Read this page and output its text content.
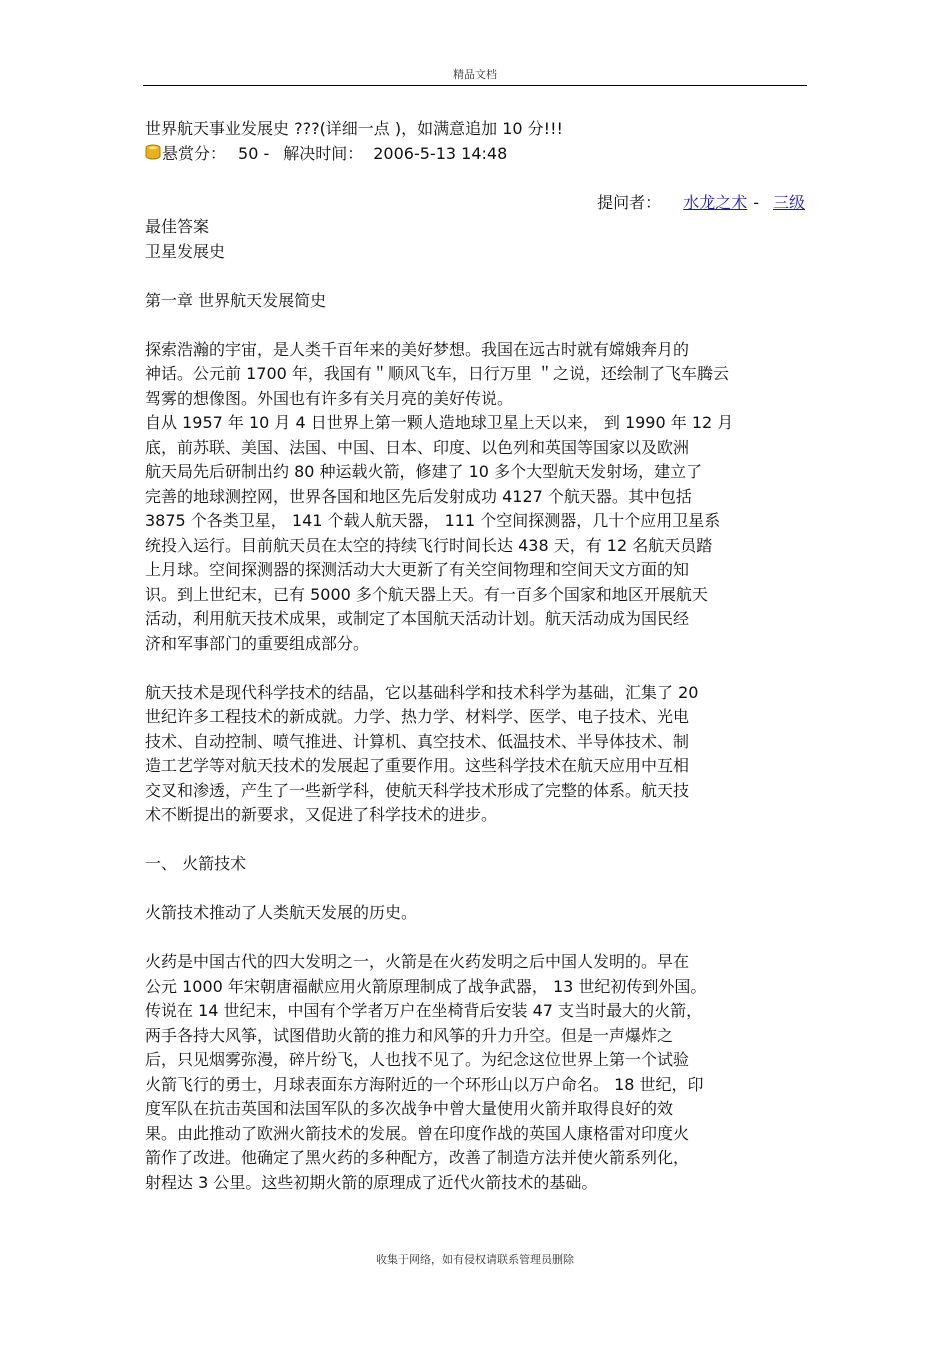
精品文档
世界航天事业发展史 ???(详细一点 )，如满意追加 10 分!!!
悬赏分： 50 - 解决时间： 2006-5-13 14:48
提问者： 水龙之术 - 三级
最佳答案
卫星发展史
第一章 世界航天发展简史
探索浩瀚的宇宙，是人类千百年来的美好梦想。我国在远古时就有嫦娥奔月的
神话。公元前 1700 年，我国有＂顺风飞车，日行万里 ＂之说，还绘制了飞车腾云
驾雾的想像图。外国也有许多有关月亮的美好传说。
自从 1957 年 10 月 4 日世界上第一颗人造地球卫星上天以来， 到 1990 年 12 月
底，前苏联、美国、法国、中国、日本、印度、以色列和英国等国家以及欧洲
航天局先后研制出约 80 种运载火箭，修建了 10 多个大型航天发射场，建立了
完善的地球测控网，世界各国和地区先后发射成功 4127 个航天器。其中包括
3875 个各类卫星， 141 个载人航天器， 111 个空间探测器，几十个应用卫星系
统投入运行。目前航天员在太空的持续飞行时间长达 438 天，有 12 名航天员踏
上月球。空间探测器的探测活动大大更新了有关空间物理和空间天文方面的知
识。到上世纪末，已有 5000 多个航天器上天。有一百多个国家和地区开展航天
活动，利用航天技术成果，或制定了本国航天活动计划。航天活动成为国民经
济和军事部门的重要组成部分。
航天技术是现代科学技术的结晶，它以基础科学和技术科学为基础，汇集了 20
世纪许多工程技术的新成就。力学、热力学、材料学、医学、电子技术、光电
技术、自动控制、喷气推进、计算机、真空技术、低温技术、半导体技术、制
造工艺学等对航天技术的发展起了重要作用。这些科学技术在航天应用中互相
交叉和渗透，产生了一些新学科，使航天科学技术形成了完整的体系。航天技
术不断提出的新要求，又促进了科学技术的进步。
一、 火箭技术
火箭技术推动了人类航天发展的历史。
火药是中国古代的四大发明之一，火箭是在火药发明之后中国人发明的。早在
公元 1000 年宋朝唐福献应用火箭原理制成了战争武器， 13 世纪初传到外国。
传说在 14 世纪末，中国有个学者万户在坐椅背后安装 47 支当时最大的火箭，
两手各持大风筝，试图借助火箭的推力和风筝的升力升空。但是一声爆炸之
后，只见烟雾弥漫，碎片纷飞，人也找不见了。为纪念这位世界上第一个试验
火箭飞行的勇士，月球表面东方海附近的一个环形山以万户命名。 18 世纪，印
度军队在抗击英国和法国军队的多次战争中曾大量使用火箭并取得良好的效
果。由此推动了欧洲火箭技术的发展。曾在印度作战的英国人康格雷对印度火
箭作了改进。他确定了黑火药的多种配方，改善了制造方法并使火箭系列化，
射程达 3 公里。这些初期火箭的原理成了近代火箭技术的基础。
收集于网络，如有侵权请联系管理员删除
